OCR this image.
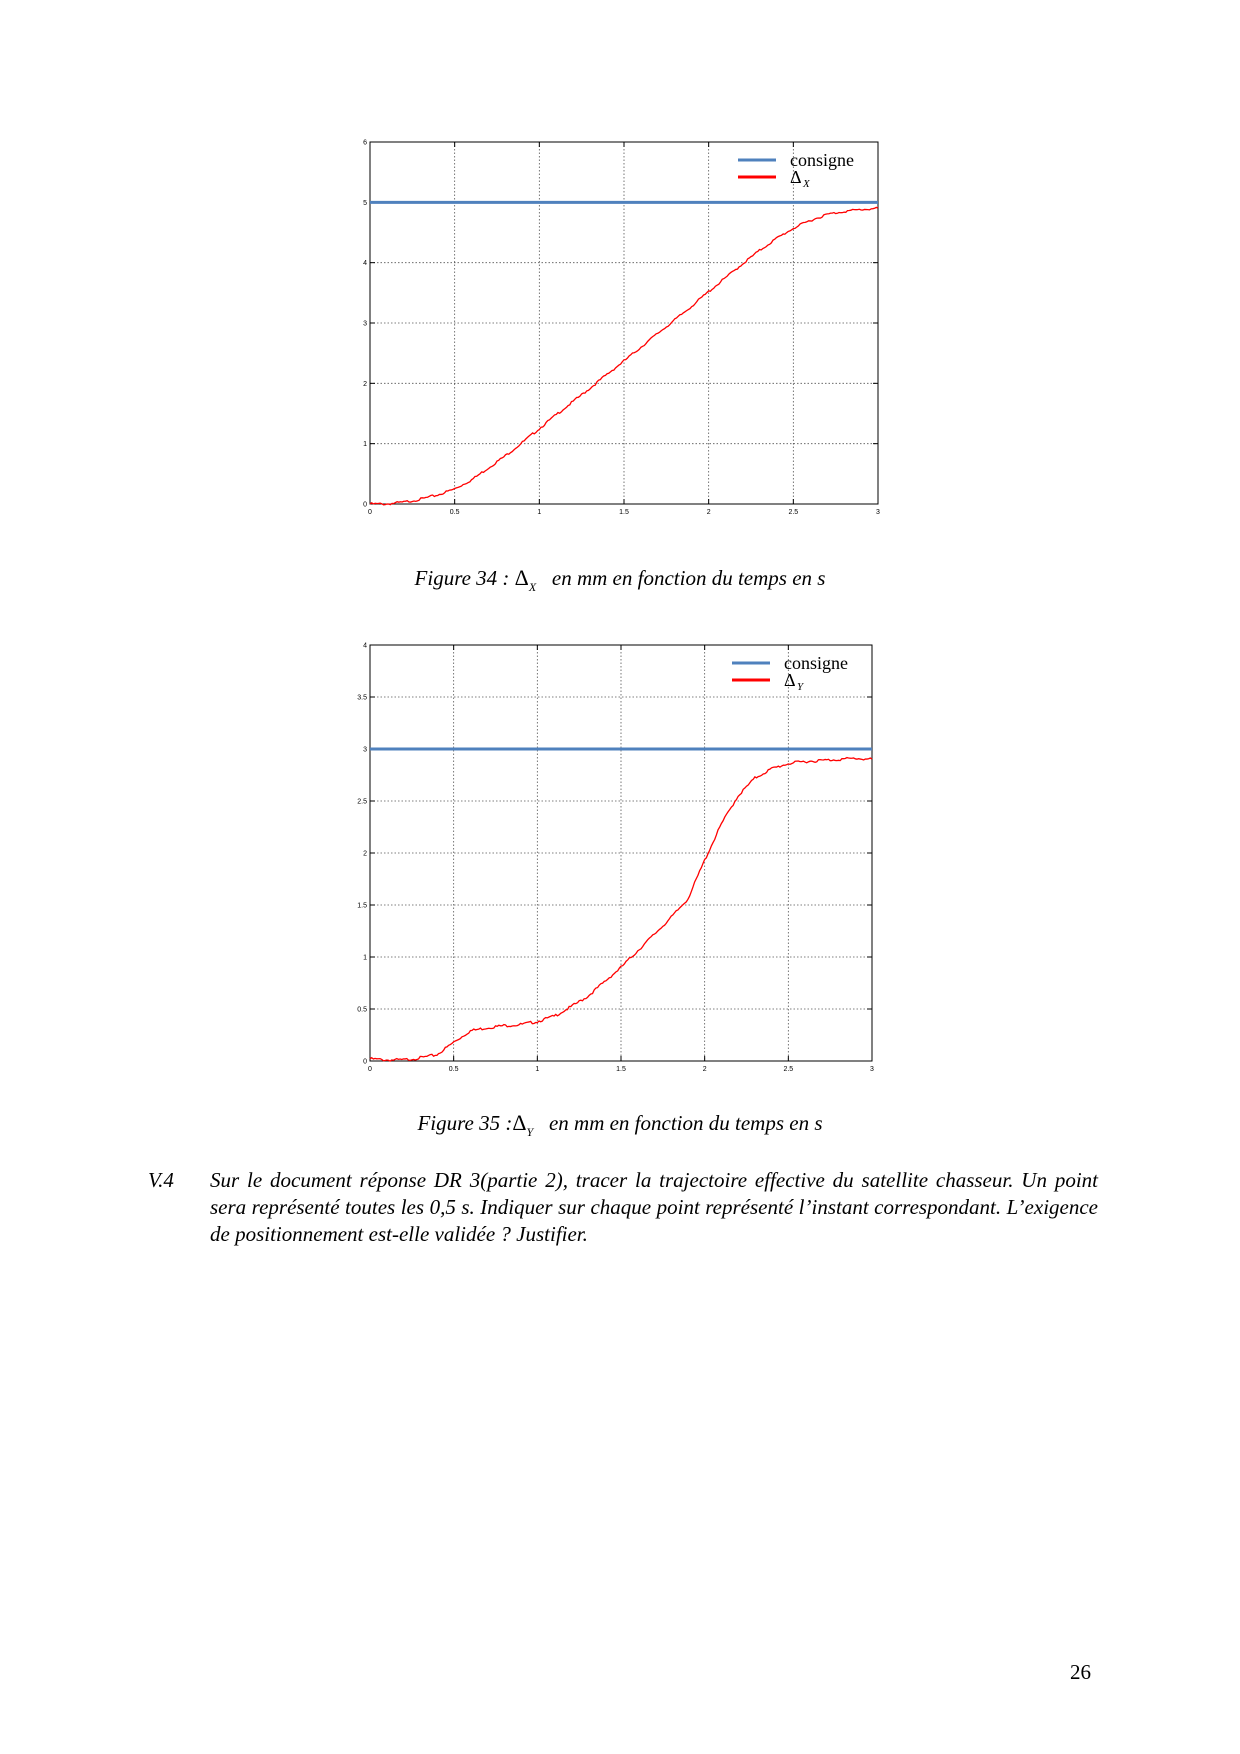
0	0.5	1	1.5	2	2.5	3
0
1
2
3
4
5
6
consigne
Δ X
Figure 34 : $\Delta_X$ en mm en fonction du temps en s
0	0.5	1	1.5	2	2.5	3
0
0.5
1
1.5
2
2.5
3
3.5
4
consigne
Δ Y
Figure 35 $:\Delta_Y$ en mm en fonction du temps en s
V.4 Sur le document réponse DR 3(partie 2), tracer la trajectoire effective du satellite chasseur. Un point sera représenté toutes les 0,5 s. Indiquer sur chaque point représenté l’instant correspondant. L’exigence de positionnement est-elle validée ? Justifier.
26
